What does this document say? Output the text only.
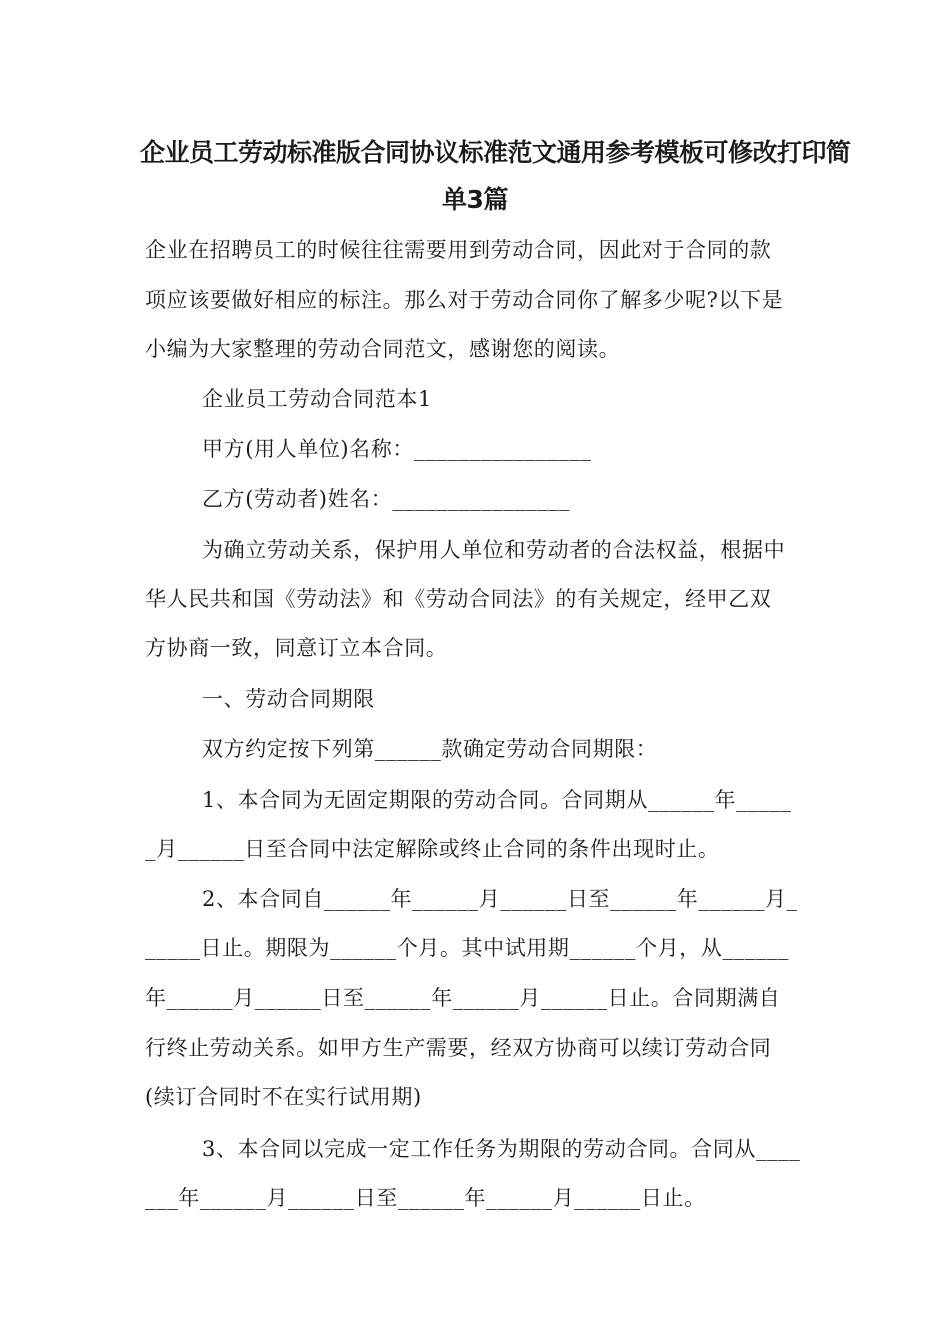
企业员工劳动标准版合同协议标准范文通用参考模板可修改打印简
单3篇
企业在招聘员工的时候往往需要用到劳动合同，因此对于合同的款
项应该要做好相应的标注。那么对于劳动合同你了解多少呢?以下是
小编为大家整理的劳动合同范文，感谢您的阅读。
企业员工劳动合同范本1
甲方(用人单位)名称：________________
乙方(劳动者)姓名：________________
为确立劳动关系，保护用人单位和劳动者的合法权益，根据中
华人民共和国《劳动法》和《劳动合同法》的有关规定，经甲乙双
方协商一致，同意订立本合同。
一、劳动合同期限
双方约定按下列第______款确定劳动合同期限：
1、本合同为无固定期限的劳动合同。合同期从______年_____
_月______日至合同中法定解除或终止合同的条件出现时止。
2、本合同自______年______月______日至______年______月_
_____日止。期限为______个月。其中试用期______个月，从______
年______月______日至______年______月______日止。合同期满自
行终止劳动关系。如甲方生产需要，经双方协商可以续订劳动合同
(续订合同时不在实行试用期)
3、本合同以完成一定工作任务为期限的劳动合同。合同从____
___年______月______日至______年______月______日止。
